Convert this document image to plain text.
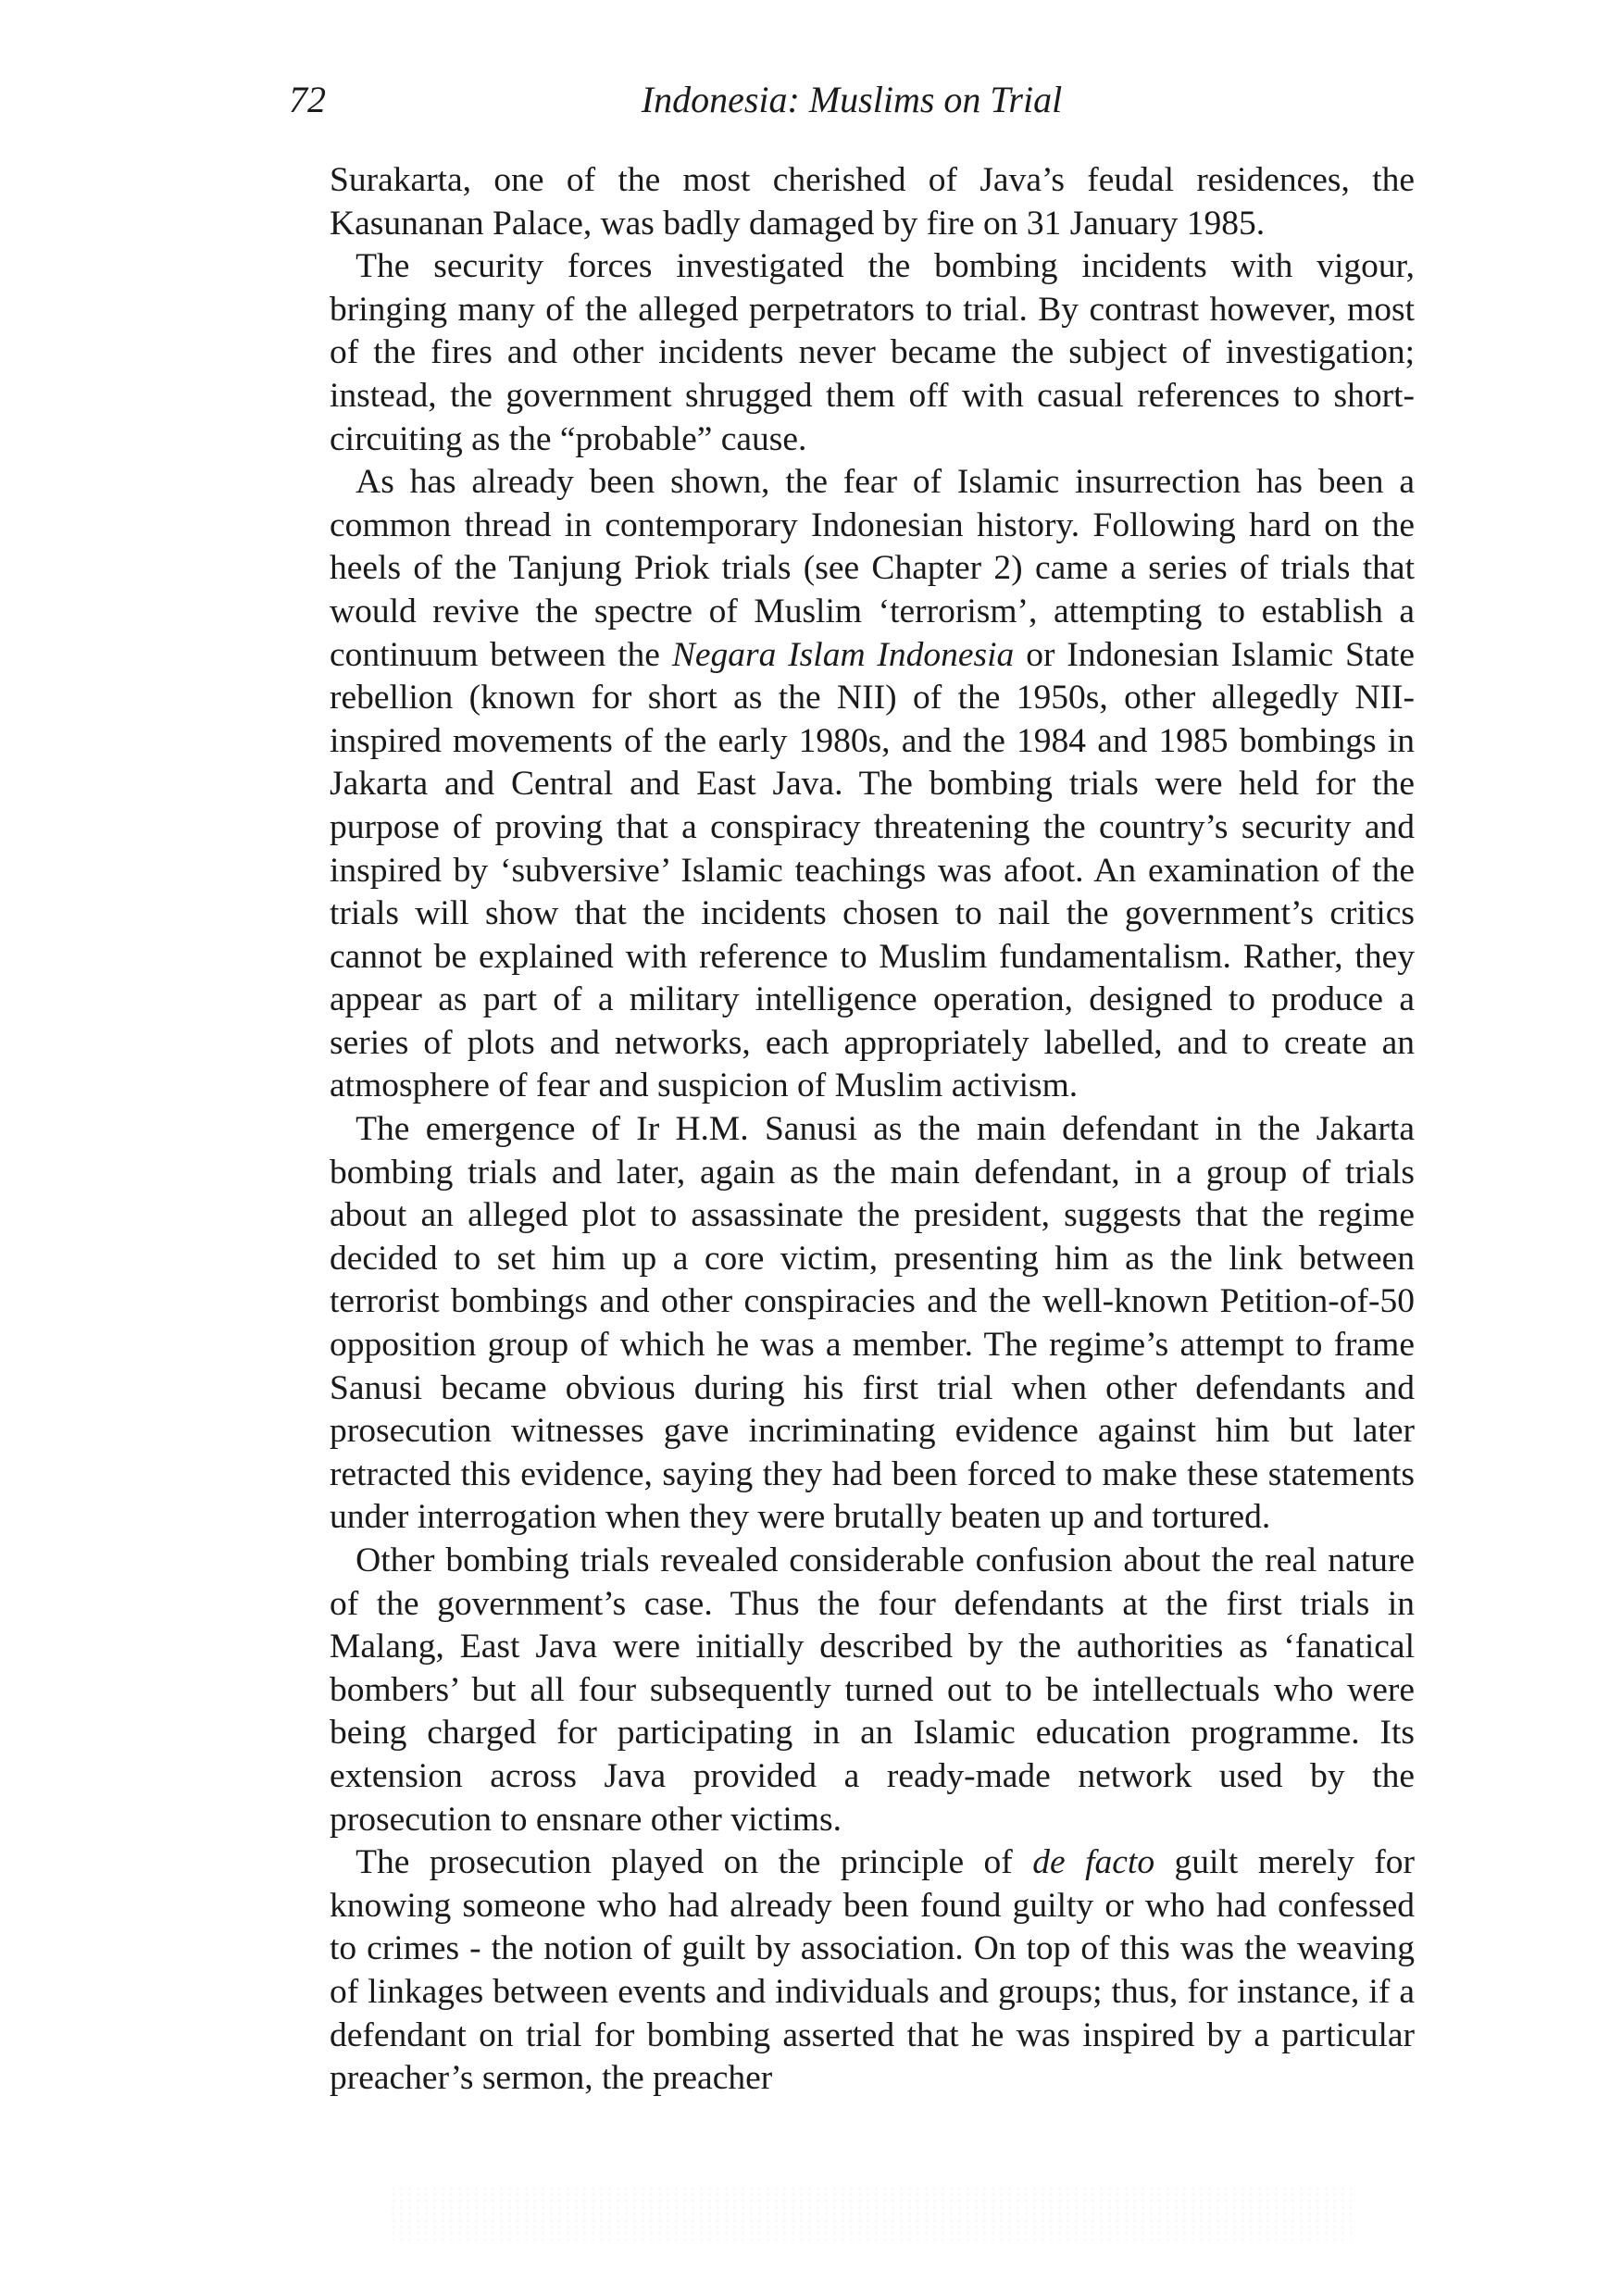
72	Indonesia: Muslims on Trial

Surakarta, one of the most cherished of Java’s feudal residences, the Kasunanan Palace, was badly damaged by fire on 31 January 1985.

The security forces investigated the bombing incidents with vigour, bringing many of the alleged perpetrators to trial. By contrast however, most of the fires and other incidents never became the subject of investigation; instead, the government shrugged them off with casual references to short-circuiting as the “probable” cause.

As has already been shown, the fear of Islamic insurrection has been a common thread in contemporary Indonesian history. Following hard on the heels of the Tanjung Priok trials (see Chapter 2) came a series of trials that would revive the spectre of Muslim ‘terrorism’, attempting to establish a continuum between the Negara Islam Indonesia or Indonesian Islamic State rebellion (known for short as the NII) of the 1950s, other allegedly NII-inspired movements of the early 1980s, and the 1984 and 1985 bombings in Jakarta and Central and East Java. The bombing trials were held for the purpose of proving that a conspiracy threatening the country’s security and inspired by ‘subversive’ Islamic teachings was afoot. An examination of the trials will show that the incidents chosen to nail the government’s critics cannot be explained with reference to Muslim fundamentalism. Rather, they appear as part of a military intelligence operation, designed to produce a series of plots and networks, each appropriately labelled, and to create an atmosphere of fear and suspicion of Muslim activism.

The emergence of Ir H.M. Sanusi as the main defendant in the Jakarta bombing trials and later, again as the main defendant, in a group of trials about an alleged plot to assassinate the president, suggests that the regime decided to set him up a core victim, presenting him as the link between terrorist bombings and other conspiracies and the well-known Petition-of-50 opposition group of which he was a member. The regime’s attempt to frame Sanusi became obvious during his first trial when other defendants and prosecution witnesses gave incriminating evidence against him but later retracted this evidence, saying they had been forced to make these statements under interrogation when they were brutally beaten up and tortured.

Other bombing trials revealed considerable confusion about the real nature of the government’s case. Thus the four defendants at the first trials in Malang, East Java were initially described by the authorities as ‘fanatical bombers’ but all four subsequently turned out to be intellectuals who were being charged for participating in an Islamic education programme. Its extension across Java provided a ready-made network used by the prosecution to ensnare other victims.

The prosecution played on the principle of de facto guilt merely for knowing someone who had already been found guilty or who had confessed to crimes - the notion of guilt by association. On top of this was the weaving of linkages between events and individuals and groups; thus, for instance, if a defendant on trial for bombing asserted that he was inspired by a particular preacher’s sermon, the preacher
